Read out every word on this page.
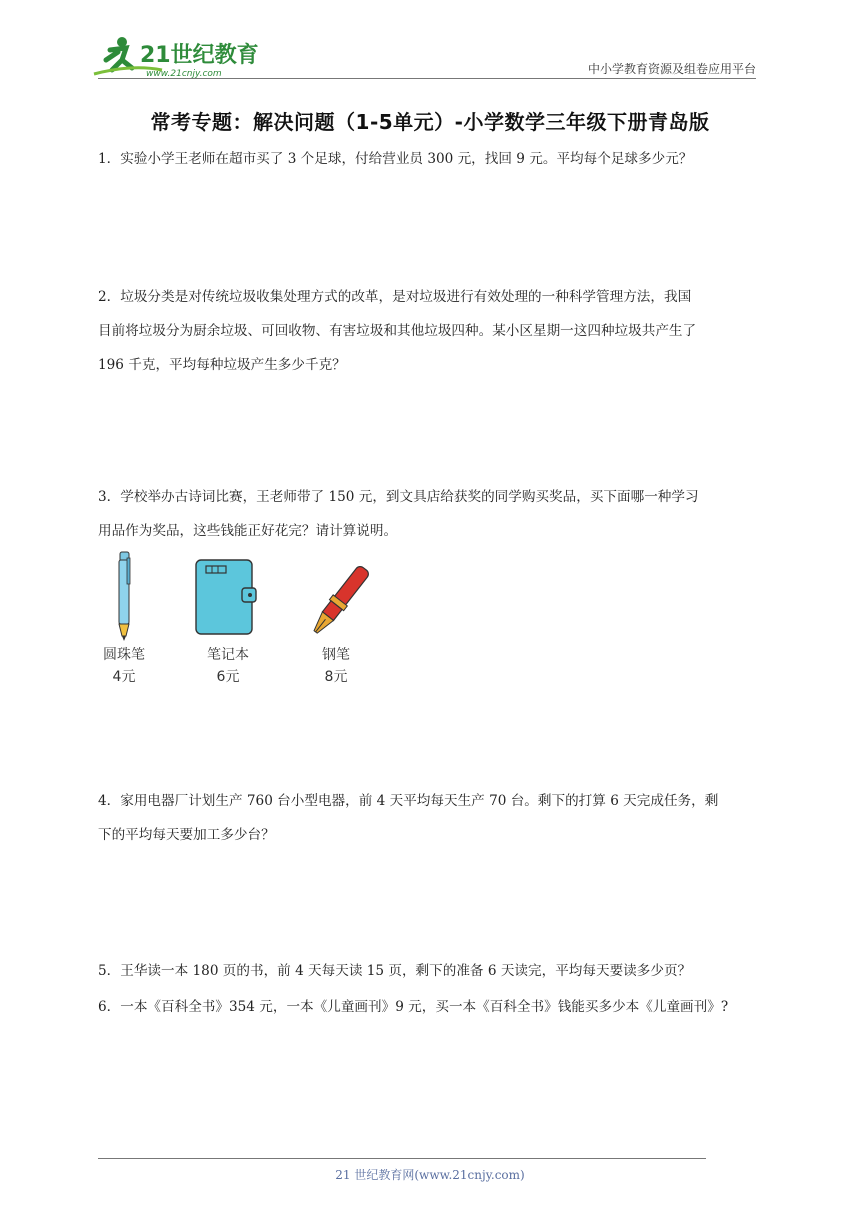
21世纪教育
www.21cnjy.com	中小学教育资源及组卷应用平台
常考专题：解决问题（1-5单元）-小学数学三年级下册青岛版

1．实验小学王老师在超市买了 3 个足球，付给营业员 300 元，找回 9 元。平均每个足球多少元？

2．垃圾分类是对传统垃圾收集处理方式的改革，是对垃圾进行有效处理的一种科学管理方法，我国
目前将垃圾分为厨余垃圾、可回收物、有害垃圾和其他垃圾四种。某小区星期一这四种垃圾共产生了
196 千克，平均每种垃圾产生多少千克？

3．学校举办古诗词比赛，王老师带了 150 元，到文具店给获奖的同学购买奖品，买下面哪一种学习
用品作为奖品，这些钱能正好花完？请计算说明。

圆珠笔
4元
笔记本
6元
钢笔
8元

4．家用电器厂计划生产 760 台小型电器，前 4 天平均每天生产 70 台。剩下的打算 6 天完成任务，剩
下的平均每天要加工多少台？

5．王华读一本 180 页的书，前 4 天每天读 15 页，剩下的准备 6 天读完，平均每天要读多少页？

6．一本《百科全书》354 元，一本《儿童画刊》9 元，买一本《百科全书》钱能买多少本《儿童画刊》?

21 世纪教育网(www.21cnjy.com)
